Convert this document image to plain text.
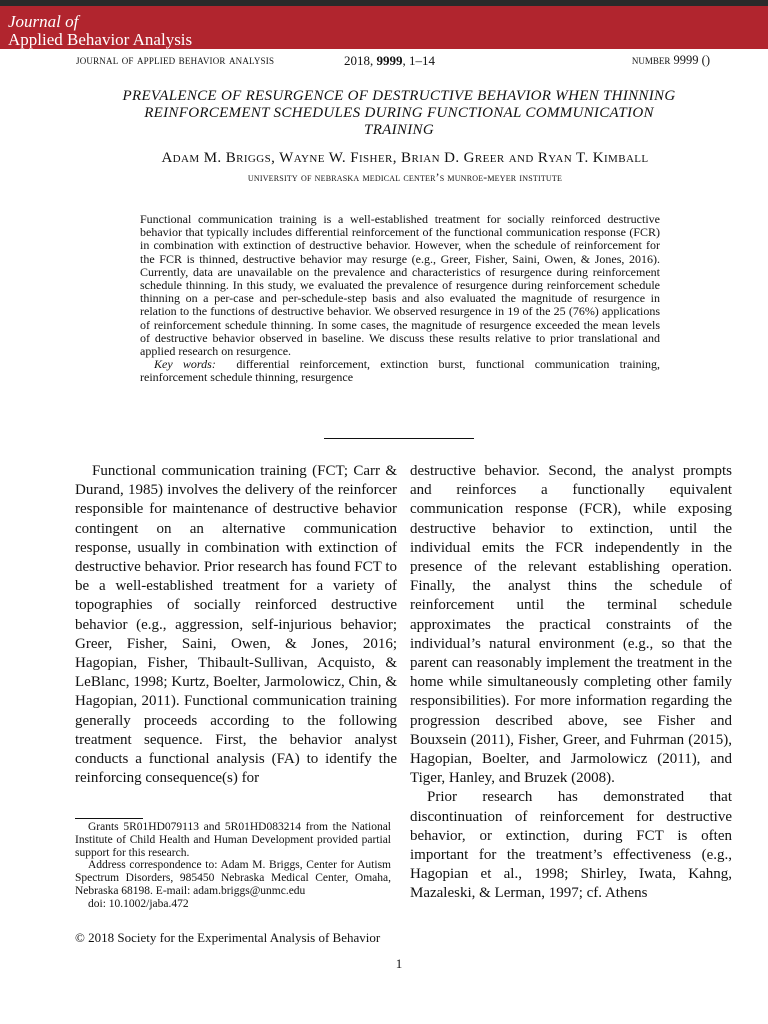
Journal of
Applied Behavior Analysis
journal of applied behavior analysis	2018, 9999, 1–14	number 9999 ()
PREVALENCE OF RESURGENCE OF DESTRUCTIVE BEHAVIOR WHEN THINNING REINFORCEMENT SCHEDULES DURING FUNCTIONAL COMMUNICATION TRAINING
Adam M. Briggs, Wayne W. Fisher, Brian D. Greer and Ryan T. Kimball
university of nebraska medical center’s munroe-meyer institute

Functional communication training is a well-established treatment for socially reinforced destructive behavior that typically includes differential reinforcement of the functional communication response (FCR) in combination with extinction of destructive behavior. However, when the schedule of reinforcement for the FCR is thinned, destructive behavior may resurge (e.g., Greer, Fisher, Saini, Owen, & Jones, 2016). Currently, data are unavailable on the prevalence and characteristics of resurgence during reinforcement schedule thinning. In this study, we evaluated the prevalence of resurgence during reinforcement schedule thinning on a per-case and per-schedule-step basis and also evaluated the magnitude of resurgence in relation to the functions of destructive behavior. We observed resurgence in 19 of the 25 (76%) applications of reinforcement schedule thinning. In some cases, the magnitude of resurgence exceeded the mean levels of destructive behavior observed in baseline. We discuss these results relative to prior translational and applied research on resurgence.

Key words: differential reinforcement, extinction burst, functional communication training, reinforcement schedule thinning, resurgence

Functional communication training (FCT; Carr & Durand, 1985) involves the delivery of the reinforcer responsible for maintenance of destructive behavior contingent on an alternative communication response, usually in combination with extinction of destructive behavior. Prior research has found FCT to be a well-established treatment for a variety of topographies of socially reinforced destructive behavior (e.g., aggression, self-injurious behavior; Greer, Fisher, Saini, Owen, & Jones, 2016; Hagopian, Fisher, Thibault-Sullivan, Acquisto, & LeBlanc, 1998; Kurtz, Boelter, Jarmolowicz, Chin, & Hagopian, 2011). Functional communication training generally proceeds according to the following treatment sequence. First, the behavior analyst conducts a functional analysis (FA) to identify the reinforcing consequence(s) for

destructive behavior. Second, the analyst prompts and reinforces a functionally equivalent communication response (FCR), while exposing destructive behavior to extinction, until the individual emits the FCR independently in the presence of the relevant establishing operation. Finally, the analyst thins the schedule of reinforcement until the terminal schedule approximates the practical constraints of the individual’s natural environment (e.g., so that the parent can reasonably implement the treatment in the home while simultaneously completing other family responsibilities). For more information regarding the progression described above, see Fisher and Bouxsein (2011), Fisher, Greer, and Fuhrman (2015), Hagopian, Boelter, and Jarmolowicz (2011), and Tiger, Hanley, and Bruzek (2008).

Prior research has demonstrated that discontinuation of reinforcement for destructive behavior, or extinction, during FCT is often important for the treatment’s effectiveness (e.g., Hagopian et al., 1998; Shirley, Iwata, Kahng, Mazaleski, & Lerman, 1997; cf. Athens

Grants 5R01HD079113 and 5R01HD083214 from the National Institute of Child Health and Human Development provided partial support for this research.

Address correspondence to: Adam M. Briggs, Center for Autism Spectrum Disorders, 985450 Nebraska Medical Center, Omaha, Nebraska 68198. E-mail: adam.briggs@unmc.edu

doi: 10.1002/jaba.472

© 2018 Society for the Experimental Analysis of Behavior
1
